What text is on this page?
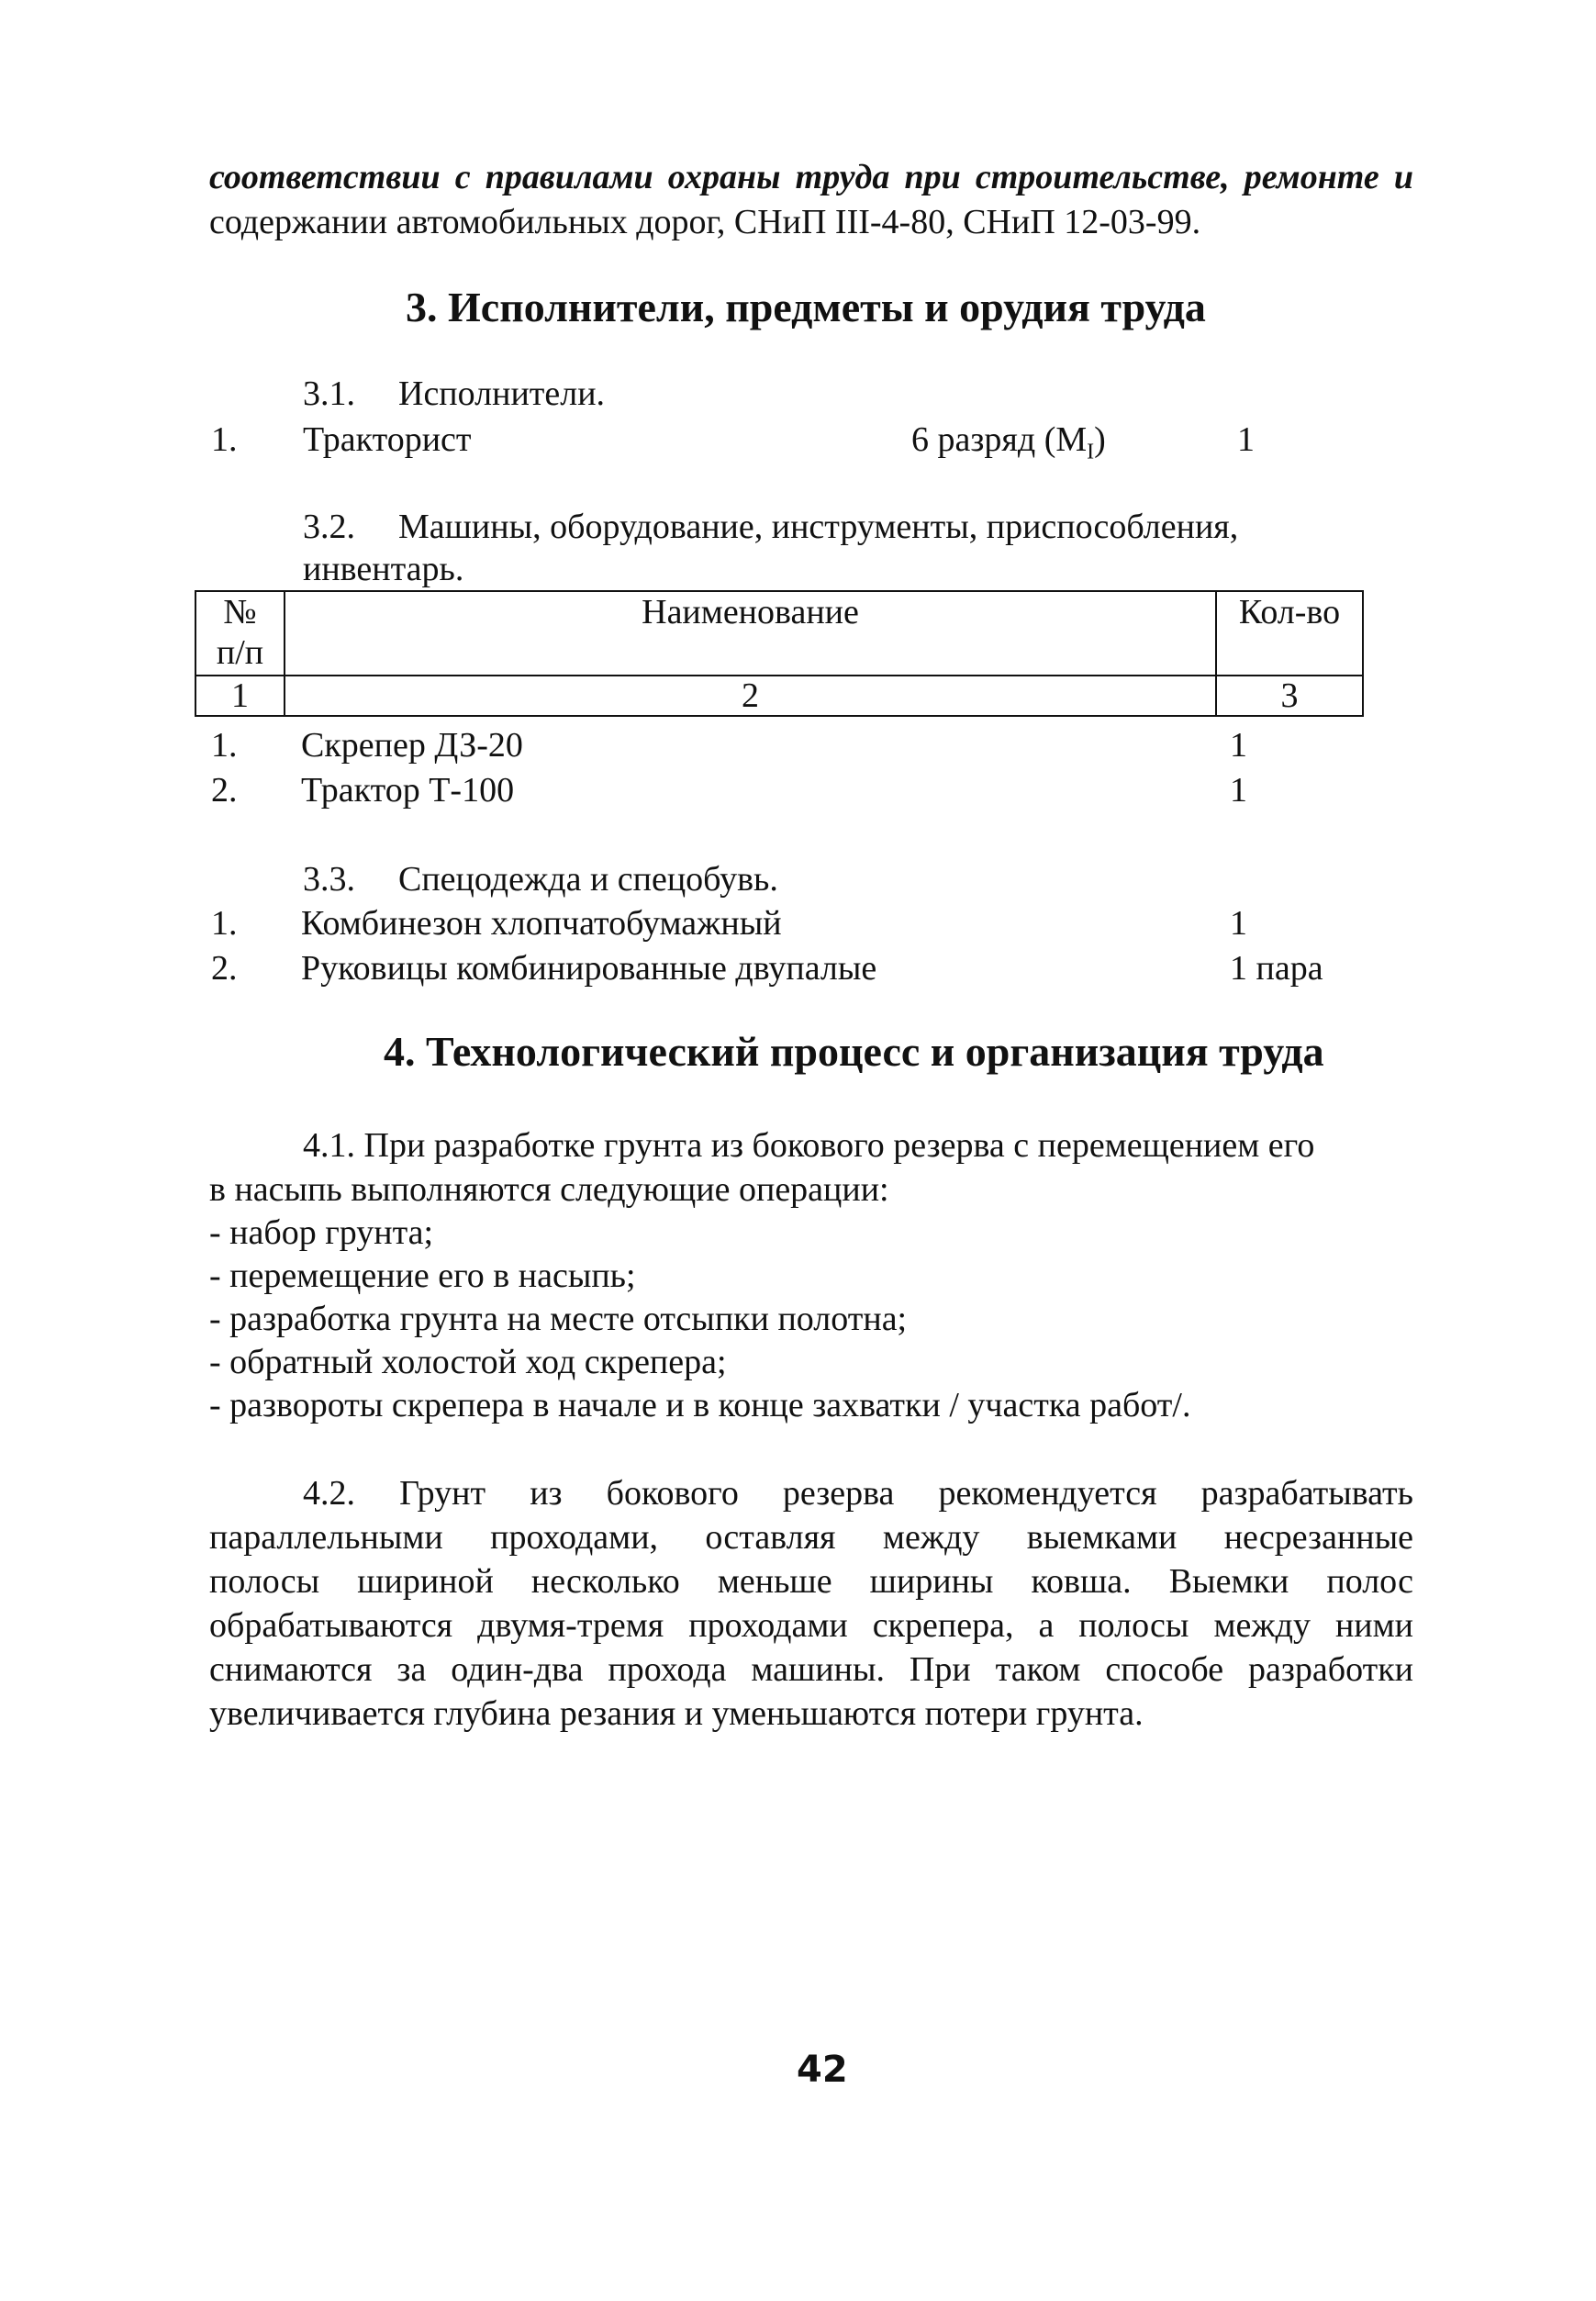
соответствии с правилами охраны труда при строительстве, ремонте и
содержании автомобильных дорог, СНиП III-4-80, СНиП 12-03-99.
3. Исполнители, предметы и орудия труда
3.1. Исполнители.
1. Тракторист	6 разряд $(М_I)$	1
3.2. Машины, оборудование, инструменты, приспособления,
инвентарь.
№
п/п	Наименование	Кол-во
1	2	3
1. Скрепер ДЗ-20	1
2. Трактор Т-100	1
3.3. Спецодежда и спецобувь.
1. Комбинезон хлопчатобумажный	1
2. Руковицы комбинированные двупалые	1 пара
4. Технологический процесс и организация труда
4.1. При разработке грунта из бокового резерва с перемещением его
в насыпь выполняются следующие операции:
- набор грунта;
- перемещение его в насыпь;
- разработка грунта на месте отсыпки полотна;
- обратный холостой ход скрепера;
- развороты скрепера в начале и в конце захватки / участка работ/.
4.2. Грунт из бокового резерва рекомендуется разрабатывать
параллельными проходами, оставляя между выемками несрезанные
полосы шириной несколько меньше ширины ковша. Выемки полос
обрабатываются двумя-тремя проходами скрепера, а полосы между ними
снимаются за один-два прохода машины. При таком способе разработки
увеличивается глубина резания и уменьшаются потери грунта.
42
